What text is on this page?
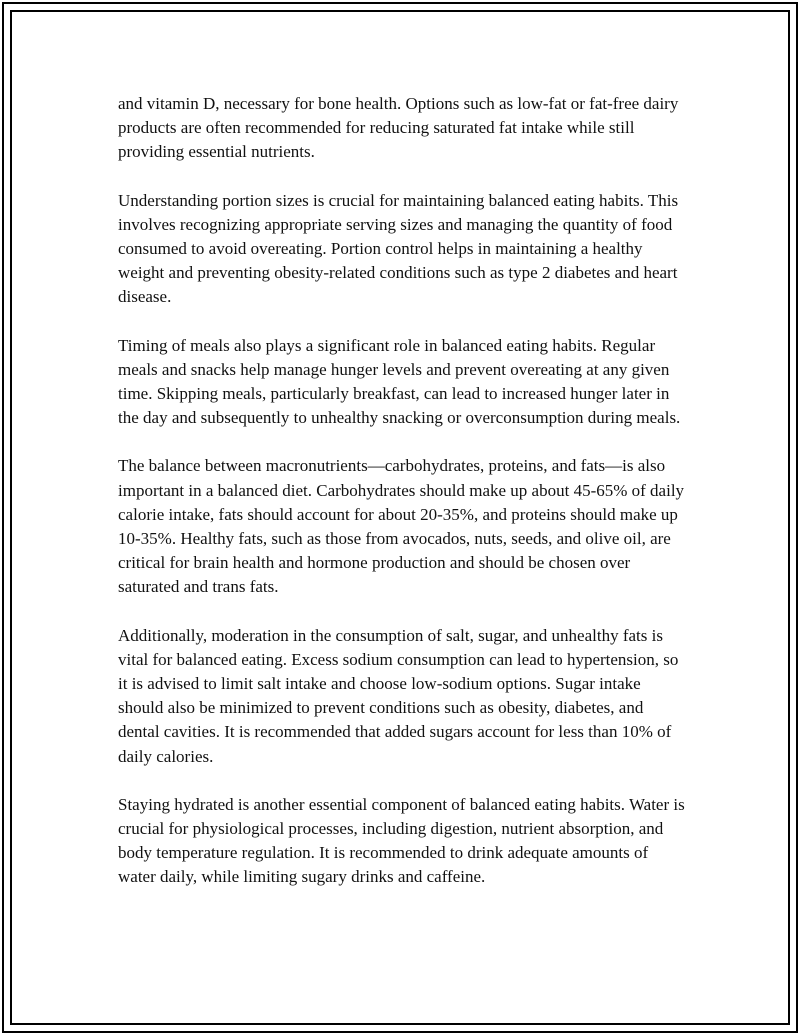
and vitamin D, necessary for bone health. Options such as low-fat or fat-free dairy products are often recommended for reducing saturated fat intake while still providing essential nutrients.

Understanding portion sizes is crucial for maintaining balanced eating habits. This involves recognizing appropriate serving sizes and managing the quantity of food consumed to avoid overeating. Portion control helps in maintaining a healthy weight and preventing obesity-related conditions such as type 2 diabetes and heart disease.

Timing of meals also plays a significant role in balanced eating habits. Regular meals and snacks help manage hunger levels and prevent overeating at any given time. Skipping meals, particularly breakfast, can lead to increased hunger later in the day and subsequently to unhealthy snacking or overconsumption during meals.

The balance between macronutrients—carbohydrates, proteins, and fats—is also important in a balanced diet. Carbohydrates should make up about 45-65% of daily calorie intake, fats should account for about 20-35%, and proteins should make up 10-35%. Healthy fats, such as those from avocados, nuts, seeds, and olive oil, are critical for brain health and hormone production and should be chosen over saturated and trans fats.

Additionally, moderation in the consumption of salt, sugar, and unhealthy fats is vital for balanced eating. Excess sodium consumption can lead to hypertension, so it is advised to limit salt intake and choose low-sodium options. Sugar intake should also be minimized to prevent conditions such as obesity, diabetes, and dental cavities. It is recommended that added sugars account for less than 10% of daily calories.

Staying hydrated is another essential component of balanced eating habits. Water is crucial for physiological processes, including digestion, nutrient absorption, and body temperature regulation. It is recommended to drink adequate amounts of water daily, while limiting sugary drinks and caffeine.
